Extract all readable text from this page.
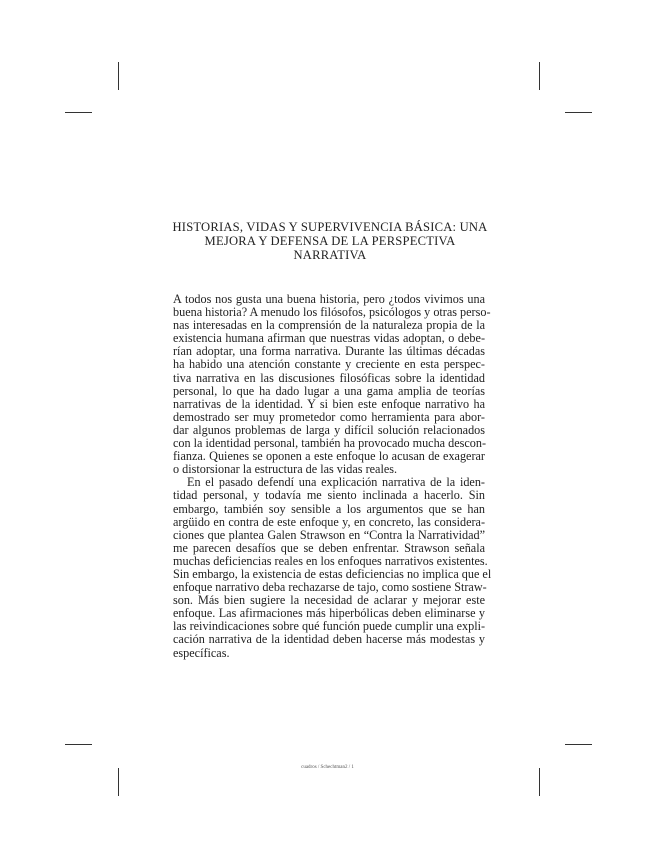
HISTORIAS, VIDAS Y SUPERVIVENCIA BÁSICA: UNA
MEJORA Y DEFENSA DE LA PERSPECTIVA
NARRATIVA
A todos nos gusta una buena historia, pero ¿todos vivimos una
buena historia? A menudo los filósofos, psicólogos y otras perso-
nas interesadas en la comprensión de la naturaleza propia de la
existencia humana afirman que nuestras vidas adoptan, o debe-
rían adoptar, una forma narrativa. Durante las últimas décadas
ha habido una atención constante y creciente en esta perspec-
tiva narrativa en las discusiones filosóficas sobre la identidad
personal, lo que ha dado lugar a una gama amplia de teorías
narrativas de la identidad. Y si bien este enfoque narrativo ha
demostrado ser muy prometedor como herramienta para abor-
dar algunos problemas de larga y difícil solución relacionados
con la identidad personal, también ha provocado mucha descon-
fianza. Quienes se oponen a este enfoque lo acusan de exagerar
o distorsionar la estructura de las vidas reales.
En el pasado defendí una explicación narrativa de la iden-
tidad personal, y todavía me siento inclinada a hacerlo. Sin
embargo, también soy sensible a los argumentos que se han
argüido en contra de este enfoque y, en concreto, las considera-
ciones que plantea Galen Strawson en “Contra la Narratividad”
me parecen desafíos que se deben enfrentar. Strawson señala
muchas deficiencias reales en los enfoques narrativos existentes.
Sin embargo, la existencia de estas deficiencias no implica que el
enfoque narrativo deba rechazarse de tajo, como sostiene Straw-
son. Más bien sugiere la necesidad de aclarar y mejorar este
enfoque. Las afirmaciones más hiperbólicas deben eliminarse y
las reivindicaciones sobre qué función puede cumplir una expli-
cación narrativa de la identidad deben hacerse más modestas y
específicas.
cuadros / Schechtman2 / 1
